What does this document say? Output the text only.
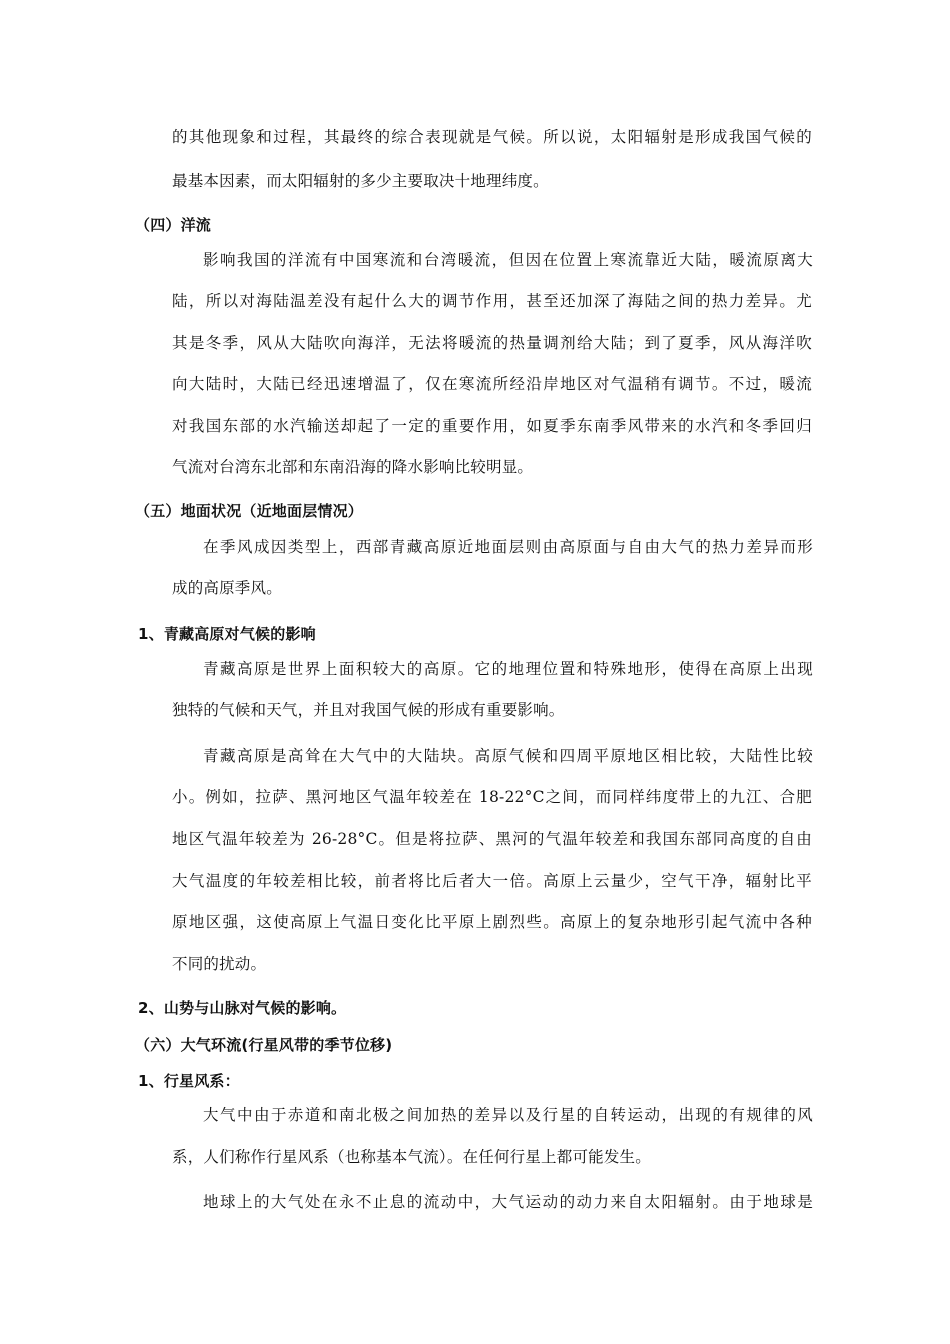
的其他现象和过程，其最终的综合表现就是气候。所以说，太阳辐射是形成我国气候的
最基本因素，而太阳辐射的多少主要取决十地理纬度。
（四）洋流
影响我国的洋流有中国寒流和台湾暖流，但因在位置上寒流靠近大陆，暖流原离大
陆，所以对海陆温差没有起什么大的调节作用，甚至还加深了海陆之间的热力差异。尤
其是冬季，风从大陆吹向海洋，无法将暖流的热量调剂给大陆；到了夏季，风从海洋吹
向大陆时，大陆已经迅速增温了，仅在寒流所经沿岸地区对气温稍有调节。不过，暖流
对我国东部的水汽输送却起了一定的重要作用，如夏季东南季风带来的水汽和冬季回归
气流对台湾东北部和东南沿海的降水影响比较明显。
（五）地面状况（近地面层情况）
在季风成因类型上，西部青藏高原近地面层则由高原面与自由大气的热力差异而形
成的高原季风。
1、青藏高原对气候的影响
青藏高原是世界上面积较大的高原。它的地理位置和特殊地形，使得在高原上出现
独特的气候和天气，并且对我国气候的形成有重要影响。
青藏高原是高耸在大气中的大陆块。高原气候和四周平原地区相比较，大陆性比较
小。例如，拉萨、黑河地区气温年较差在 18-22°C之间，而同样纬度带上的九江、合肥
地区气温年较差为 26-28°C。但是将拉萨、黑河的气温年较差和我国东部同高度的自由
大气温度的年较差相比较，前者将比后者大一倍。高原上云量少，空气干净，辐射比平
原地区强，这使高原上气温日变化比平原上剧烈些。高原上的复杂地形引起气流中各种
不同的扰动。
2、山势与山脉对气候的影响。
（六）大气环流(行星风带的季节位移)
1、行星风系：
大气中由于赤道和南北极之间加热的差异以及行星的自转运动，出现的有规律的风
系，人们称作行星风系（也称基本气流）。在任何行星上都可能发生。
地球上的大气处在永不止息的流动中，大气运动的动力来自太阳辐射。由于地球是
